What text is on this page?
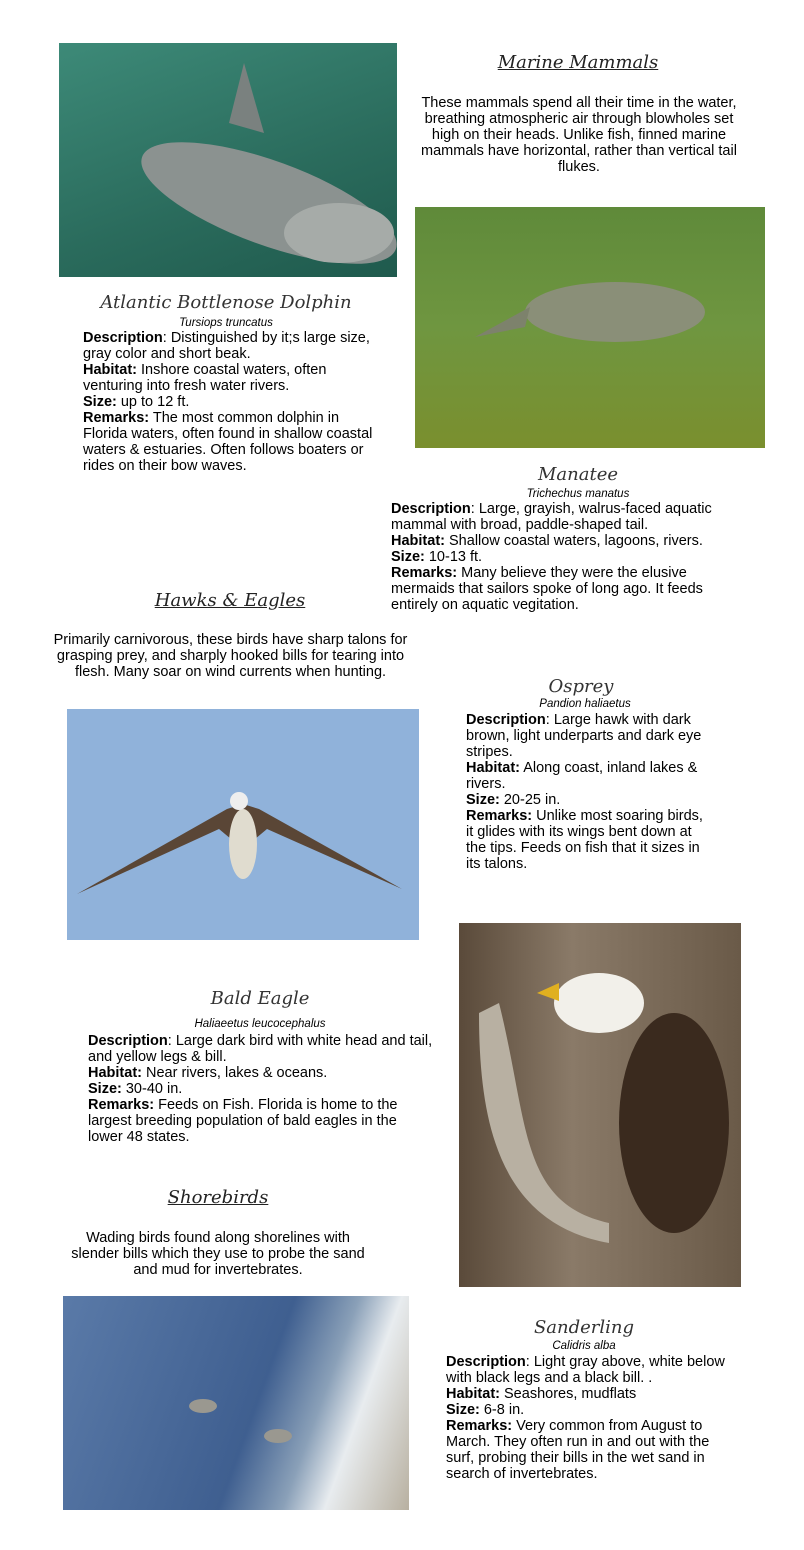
Marine Mammals
These mammals spend all their time in the water, breathing atmospheric air through blowholes set high on their heads. Unlike fish, finned marine mammals have horizontal, rather than vertical tail flukes.
Atlantic Bottlenose Dolphin
Tursiops truncatus
Description: Distinguished by it;s large size, gray color and short beak.
Habitat: Inshore coastal waters, often venturing into fresh water rivers.
Size: up to 12 ft.
Remarks: The most common dolphin in Florida waters, often found in shallow coastal waters & estuaries. Often follows boaters or rides on their bow waves.	Manatee
Trichechus manatus
Description: Large, grayish, walrus-faced aquatic mammal with broad, paddle-shaped tail.
Habitat: Shallow coastal waters, lagoons, rivers.
Size: 10-13 ft.
Remarks: Many believe they were the elusive mermaids that sailors spoke of long ago. It feeds entirely on aquatic vegitation.
Hawks & Eagles
Primarily carnivorous, these birds have sharp talons for grasping prey, and sharply hooked bills for tearing into flesh. Many soar on wind currents when hunting.
Osprey
Pandion haliaetus
Description: Large hawk with dark brown, light underparts and dark eye stripes.
Habitat: Along coast, inland lakes & rivers.
Size: 20-25 in.
Remarks: Unlike most soaring birds, it glides with its wings bent down at the tips. Feeds on fish that it sizes in its talons.
Bald Eagle
Haliaeetus leucocephalus
Description: Large dark bird with white head and tail, and yellow legs & bill.
Habitat: Near rivers, lakes & oceans.
Size: 30-40 in.
Remarks: Feeds on Fish. Florida is home to the largest breeding population of bald eagles in the lower 48 states.
Shorebirds
Wading birds found along shorelines with slender bills which they use to probe the sand and mud for invertebrates.
Sanderling
Calidris alba
Description: Light gray above, white below with black legs and a black bill. .
Habitat: Seashores, mudflats
Size: 6-8 in.
Remarks: Very common from August to March. They often run in and out with the surf, probing their bills in the wet sand in search of invertebrates.
